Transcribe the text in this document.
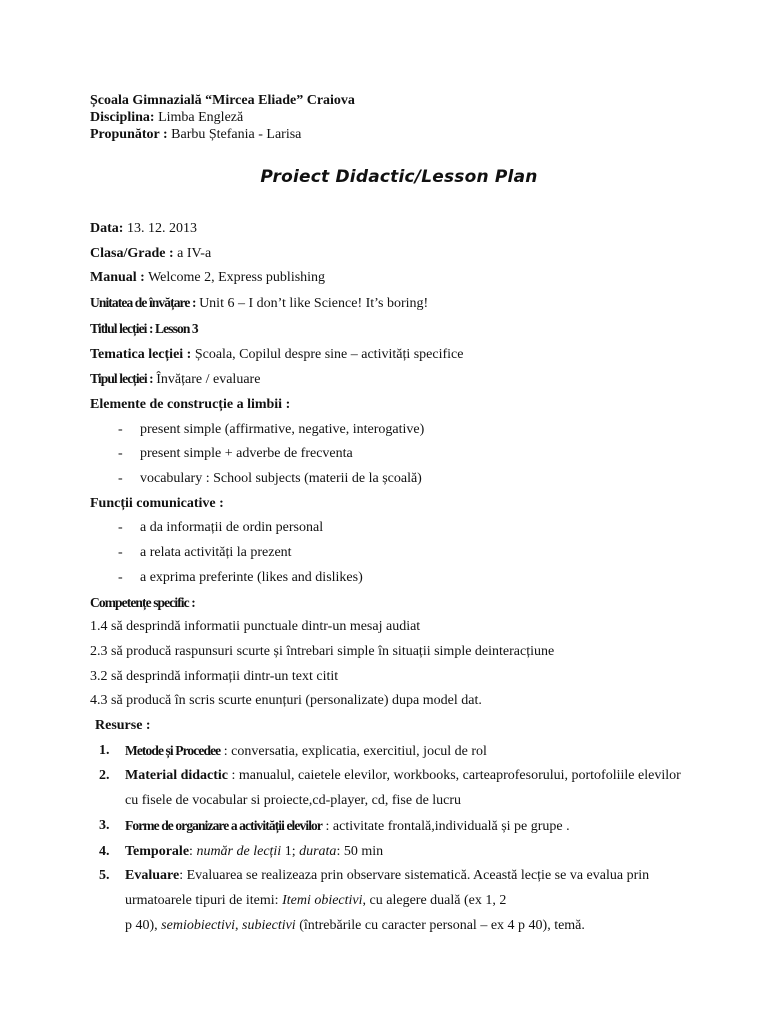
Școala Gimnazială “Mircea Eliade” Craiova
Disciplina: Limba Engleză
Propunător : Barbu Ștefania - Larisa
Proiect Didactic/Lesson Plan
Data: 13. 12. 2013
Clasa/Grade : a IV-a
Manual : Welcome 2, Express publishing
Unitatea de învățare : Unit 6 – I don’t like Science! It’s boring!
Titlul lecției : Lesson 3
Tematica lecției : Școala, Copilul despre sine – activități specifice
Tipul lecției : Învățare / evaluare
Elemente de construcție a limbii :
- present simple (affirmative, negative, interogative)
- present simple + adverbe de frecventa
- vocabulary : School subjects (materii de la școală)
Funcții comunicative :
- a da informații de ordin personal
- a relata activități la prezent
- a exprima preferinte (likes and dislikes)
Competențe specific :
1.4 să desprindă informatii punctuale dintr-un mesaj audiat
2.3 să producă raspunsuri scurte și întrebari simple în situații simple deinteracțiune
3.2 să desprindă informații dintr-un text citit
4.3 să producă în scris scurte enunțuri (personalizate) dupa model dat.
Resurse :
1. Metode și Procedee : conversatia, explicatia, exercitiul, jocul de rol
2. Material didactic : manualul, caietele elevilor, workbooks, carteaprofesorului, portofoliile elevilor
cu fisele de vocabular si proiecte,cd-player, cd, fise de lucru
3. Forme de organizare a activității elevilor : activitate frontală,individuală și pe grupe .
4. Temporale: număr de lecții 1; durata: 50 min
5. Evaluare: Evaluarea se realizeaza prin observare sistematică. Această lecție se va evalua prin
urmatoarele tipuri de itemi: Itemi obiectivi, cu alegere duală (ex 1, 2
p 40), semiobiectivi, subiectivi (întrebările cu caracter personal – ex 4 p 40), temă.
